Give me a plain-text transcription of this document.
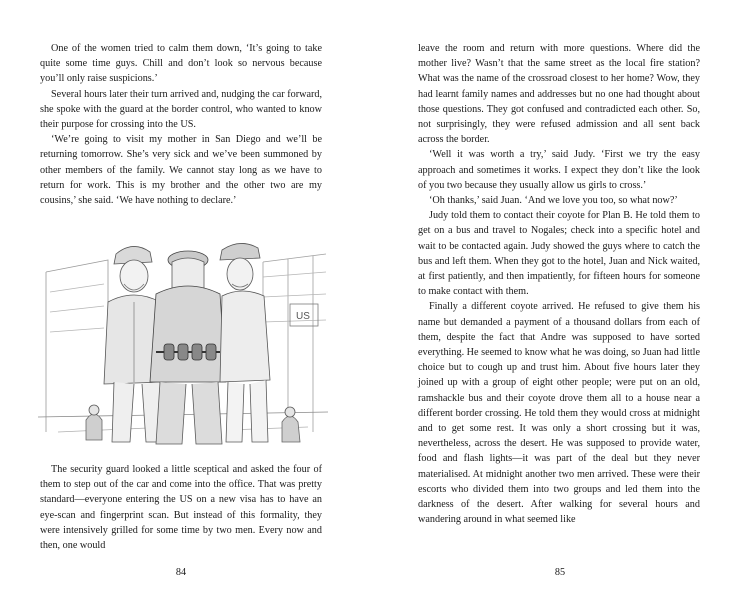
One of the women tried to calm them down, ‘It’s going to take quite some time guys. Chill and don’t look so nervous because you’ll only raise suspicions.’

Several hours later their turn arrived and, nudging the car forward, she spoke with the guard at the border control, who wanted to know their purpose for crossing into the US.

‘We’re going to visit my mother in San Diego and we’ll be returning tomorrow. She’s very sick and we’ve been summoned by other members of the family. We cannot stay long as we have to return for work. This is my brother and the other two are my cousins,’ she said. ‘We have nothing to declare.’

US

The security guard looked a little sceptical and asked the four of them to step out of the car and come into the office. That was pretty standard—everyone entering the US on a new visa has to have an eye-scan and fingerprint scan. But instead of this formality, they were intensively grilled for some time by two men. Every now and then, one would

84

leave the room and return with more questions. Where did the mother live? Wasn’t that the same street as the local fire station? What was the name of the crossroad closest to her home? Wow, they had learnt family names and addresses but no one had thought about those questions. They got confused and contradicted each other. So, not surprisingly, they were refused admission and all sent back across the border.

‘Well it was worth a try,’ said Judy. ‘First we try the easy approach and sometimes it works. I expect they don’t like the look of you two because they usually allow us girls to cross.’

‘Oh thanks,’ said Juan. ‘And we love you too, so what now?’

Judy told them to contact their coyote for Plan B. He told them to get on a bus and travel to Nogales; check into a specific hotel and wait to be contacted again. Judy showed the guys where to catch the bus and left them. When they got to the hotel, Juan and Nick waited, at first patiently, and then impatiently, for fifteen hours for someone to make contact with them.

Finally a different coyote arrived. He refused to give them his name but demanded a payment of a thousand dollars from each of them, despite the fact that Andre was supposed to have sorted everything. He seemed to know what he was doing, so Juan had little choice but to cough up and trust him. About five hours later they joined up with a group of eight other people; were put on an old, ramshackle bus and their coyote drove them all to a house near a different border crossing. He told them they would cross at midnight and to get some rest. It was only a short crossing but it was, nevertheless, across the desert. He was supposed to provide water, food and flash lights—it was part of the deal but they never materialised. At midnight another two men arrived. These were their escorts who divided them into two groups and led them into the darkness of the desert. After walking for several hours and wandering around in what seemed like

85
